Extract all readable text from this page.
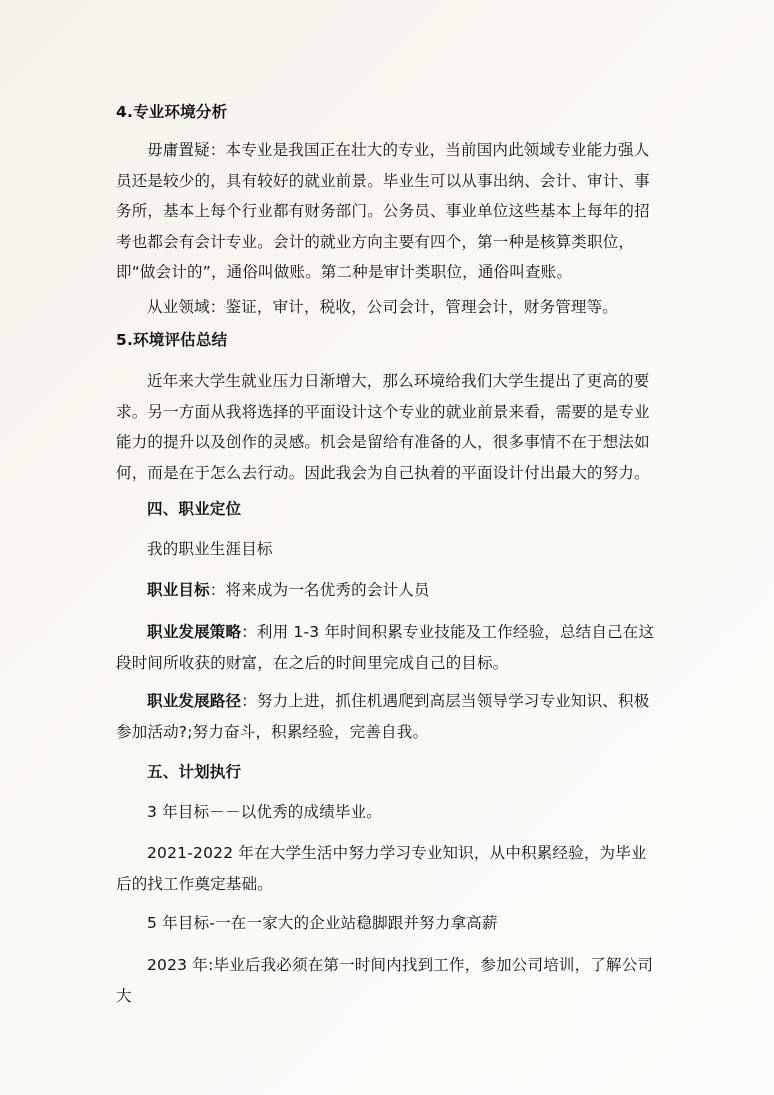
4.专业环境分析
毋庸置疑：本专业是我国正在壮大的专业，当前国内此领域专业能力强人员还是较少的，具有较好的就业前景。毕业生可以从事出纳、会计、审计、事务所，基本上每个行业都有财务部门。公务员、事业单位这些基本上每年的招考也都会有会计专业。会计的就业方向主要有四个，第一种是核算类职位，即“做会计的”，通俗叫做账。第二种是审计类职位，通俗叫查账。
从业领域：鉴证，审计，税收，公司会计，管理会计，财务管理等。
5.环境评估总结
近年来大学生就业压力日渐增大，那么环境给我们大学生提出了更高的要求。另一方面从我将选择的平面设计这个专业的就业前景来看，需要的是专业能力的提升以及创作的灵感。机会是留给有准备的人，很多事情不在于想法如何，而是在于怎么去行动。因此我会为自己执着的平面设计付出最大的努力。
四、职业定位
我的职业生涯目标
职业目标：将来成为一名优秀的会计人员
职业发展策略：利用 1-3 年时间积累专业技能及工作经验，总结自己在这段时间所收获的财富，在之后的时间里完成自己的目标。
职业发展路径：努力上进，抓住机遇爬到高层当领导学习专业知识、积极参加活动?;努力奋斗，积累经验，完善自我。
五、计划执行
3 年目标－－以优秀的成绩毕业。
2021-2022 年在大学生活中努力学习专业知识，从中积累经验，为毕业后的找工作奠定基础。
5 年目标-一在一家大的企业站稳脚跟并努力拿高薪
2023 年:毕业后我必须在第一时间内找到工作，参加公司培训，了解公司大
